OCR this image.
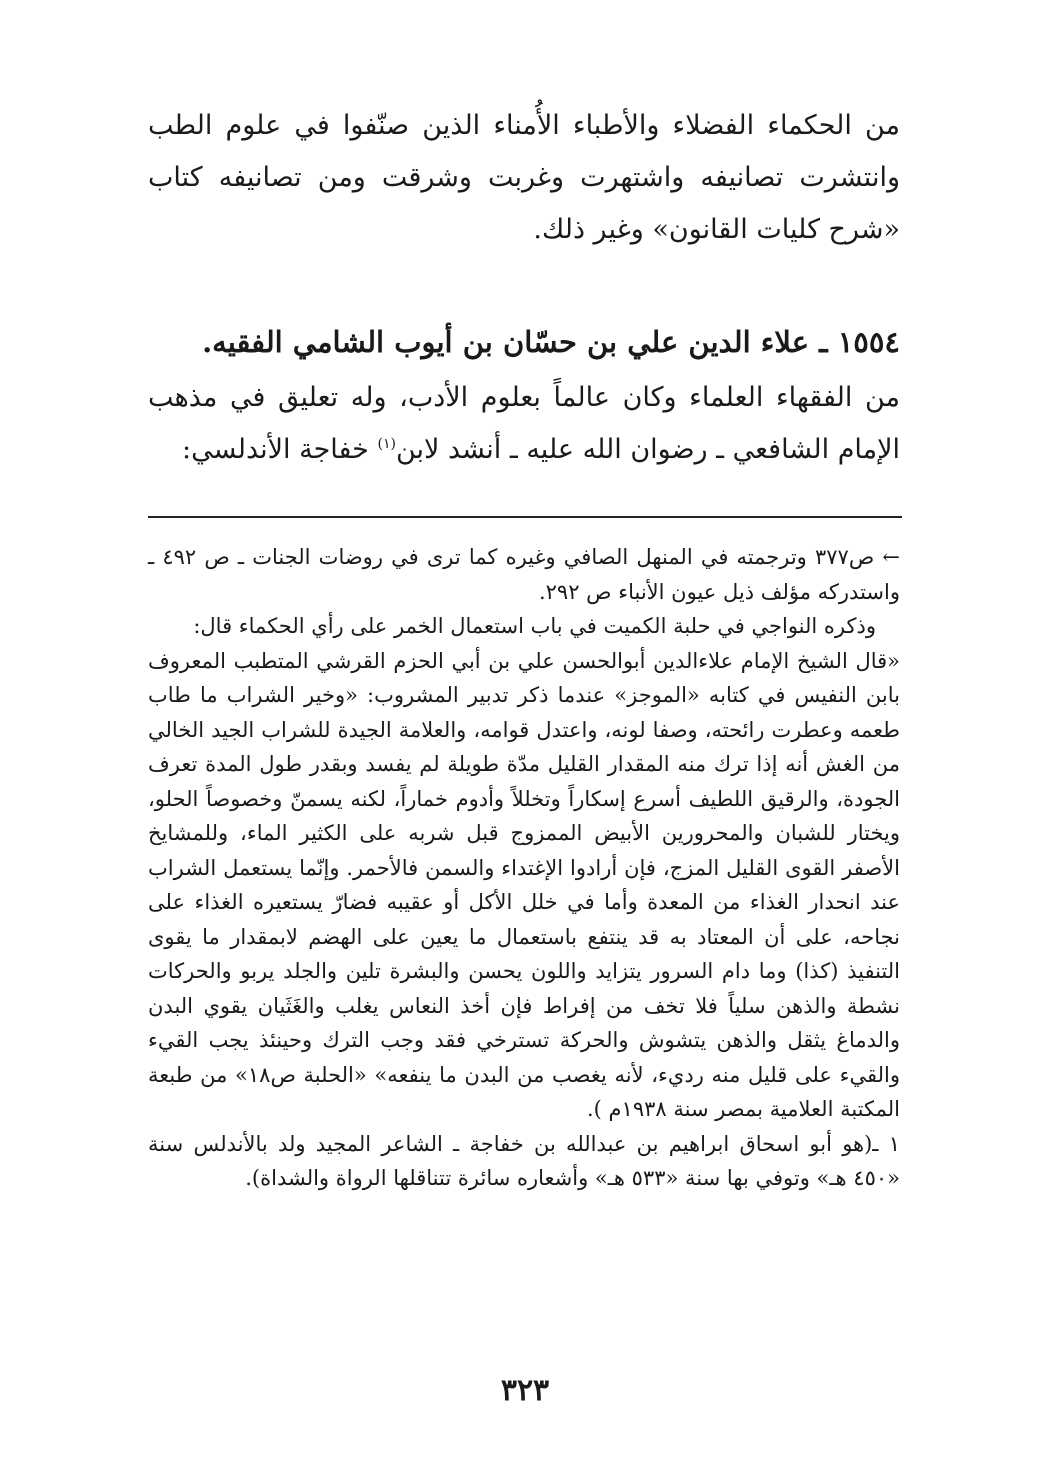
من الحكماء الفضلاء والأطباء الأُمناء الذين صنّفوا في علوم الطب وانتشرت تصانيفه واشتهرت وغربت وشرقت ومن تصانيفه كتاب «شرح كليات القانون» وغير ذلك.

١٥٥٤ ـ علاء الدين علي بن حسّان بن أيوب الشامي الفقيه.

من الفقهاء العلماء وكان عالماً بعلوم الأدب، وله تعليق في مذهب الإمام الشافعي ـ رضوان الله عليه ـ أنشد لابن$^{(١)}$ خفاجة الأندلسي:

← ص٣٧٧ وترجمته في المنهل الصافي وغيره كما ترى في روضات الجنات ـ ص ٤٩٢ ـ واستدركه مؤلف ذيل عيون الأنباء ص ٢٩٢.

وذكره النواجي في حلبة الكميت في باب استعمال الخمر على رأي الحكماء قال:

«قال الشيخ الإمام علاءالدين أبوالحسن علي بن أبي الحزم القرشي المتطبب المعروف بابن النفيس في كتابه «الموجز» عندما ذكر تدبير المشروب: «وخير الشراب ما طاب طعمه وعطرت رائحته، وصفا لونه، واعتدل قوامه، والعلامة الجيدة للشراب الجيد الخالي من الغش أنه إذا ترك منه المقدار القليل مدّة طويلة لم يفسد وبقدر طول المدة تعرف الجودة، والرقيق اللطيف أسرع إسكاراً وتخللاً وأدوم خماراً، لكنه يسمنّ وخصوصاً الحلو، ويختار للشبان والمحرورين الأبيض الممزوج قبل شربه على الكثير الماء، وللمشايخ الأصفر القوى القليل المزج، فإن أرادوا الإغتداء والسمن فالأحمر. وإنّما يستعمل الشراب عند انحدار الغذاء من المعدة وأما في خلل الأكل أو عقيبه فضارّ يستعيره الغذاء على نجاحه، على أن المعتاد به قد ينتفع باستعمال ما يعين على الهضم لابمقدار ما يقوى التنفيذ (كذا) وما دام السرور يتزايد واللون يحسن والبشرة تلين والجلد يربو والحركات نشطة والذهن سلياً فلا تخف من إفراط فإن أخذ النعاس يغلب والغَثَيان يقوي البدن والدماغ يثقل والذهن يتشوش والحركة تسترخي فقد وجب الترك وحينئذ يجب القيء والقيء على قليل منه رديء، لأنه يغصب من البدن ما ينفعه» «الحلبة ص١٨» من طبعة المكتبة العلامية بمصر سنة ١٩٣٨م ).

١ ـ(هو أبو اسحاق ابراهيم بن عبدالله بن خفاجة ـ الشاعر المجيد ولد بالأندلس سنة «٤٥٠ هـ» وتوفي بها سنة «٥٣٣ هـ» وأشعاره سائرة تتناقلها الرواة والشداة).

٣٢٣
